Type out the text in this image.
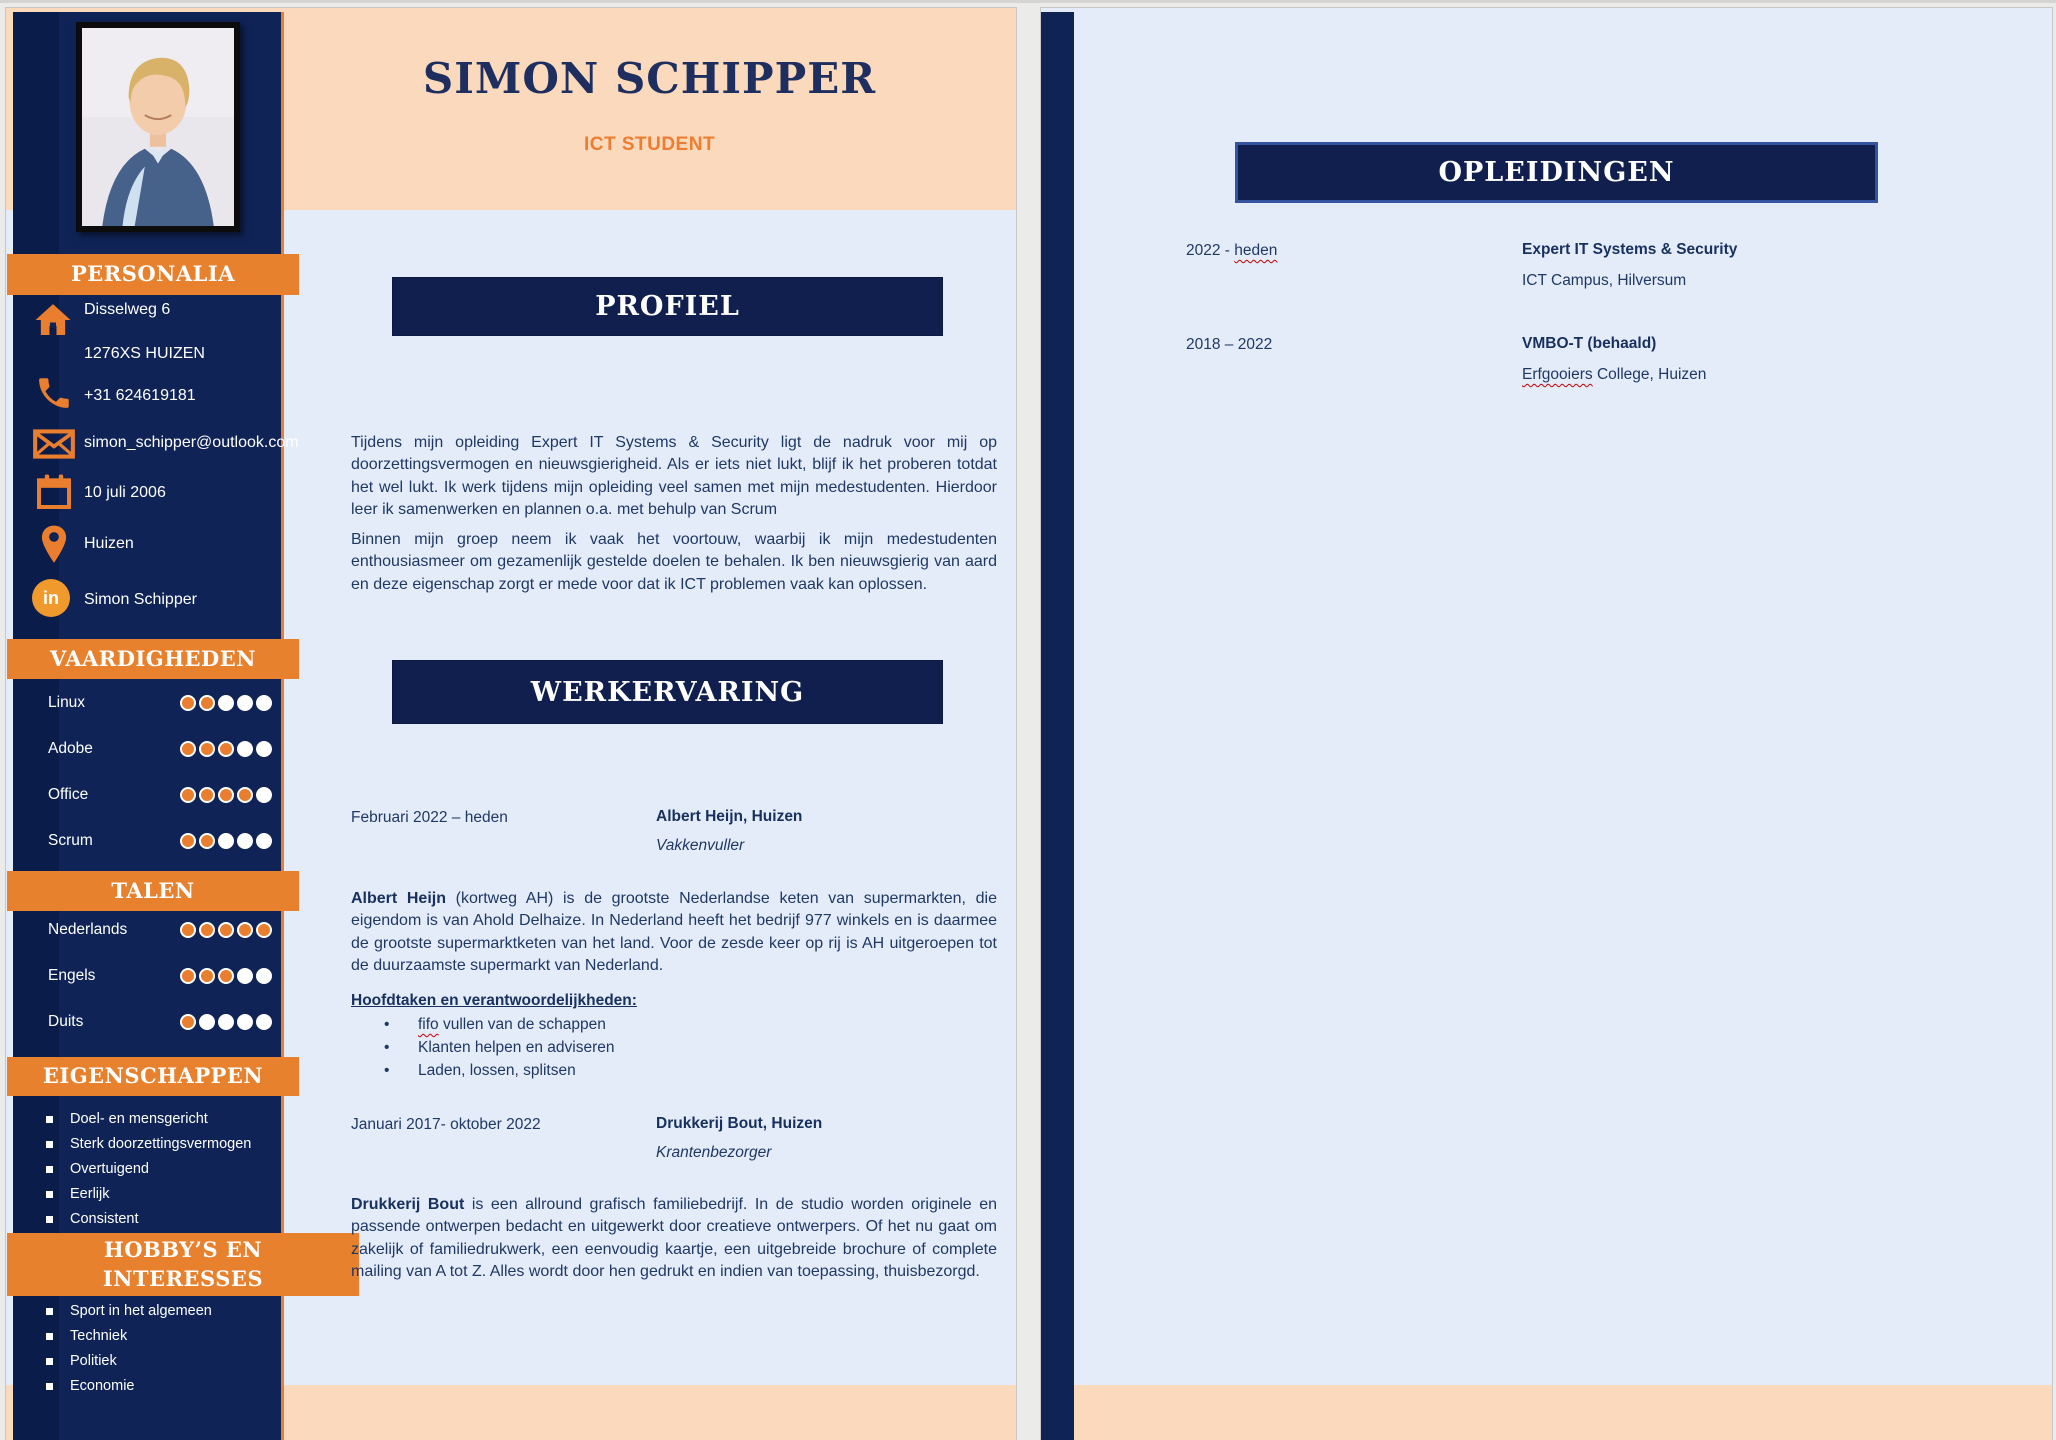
SIMON SCHIPPER
ICT STUDENT
Linux
Adobe
Office
Scrum
Nederlands
Engels
Duits
Doel- en mensgericht
Sterk doorzettingsvermogen
Overtuigend
Eerlijk
Consistent
Sport in het algemeen
Techniek
Politiek
Economie
Disselweg 6
1276XS HUIZEN
+31 624619181
simon_schipper@outlook.com
10 juli 2006
Huizen
in Simon Schipper
PERSONALIA
VAARDIGHEDEN
TALEN
EIGENSCHAPPEN
HOBBY’S EN INTERESSES
PROFIEL
Tijdens mijn opleiding Expert IT Systems & Security ligt de nadruk voor mij op doorzettingsvermogen en nieuwsgierigheid. Als er iets niet lukt, blijf ik het proberen totdat het wel lukt. Ik werk tijdens mijn opleiding veel samen met mijn medestudenten. Hierdoor leer ik samenwerken en plannen o.a. met behulp van Scrum
Binnen mijn groep neem ik vaak het voortouw, waarbij ik mijn medestudenten enthousiasmeer om gezamenlijk gestelde doelen te behalen. Ik ben nieuwsgierig van aard en deze eigenschap zorgt er mede voor dat ik ICT problemen vaak kan oplossen.
WERKERVARING
Februari 2022 – heden	Albert Heijn, Huizen
Vakkenvuller
Albert Heijn (kortweg AH) is de grootste Nederlandse keten van supermarkten, die eigendom is van Ahold Delhaize. In Nederland heeft het bedrijf 977 winkels en is daarmee de grootste supermarktketen van het land. Voor de zesde keer op rij is AH uitgeroepen tot de duurzaamste supermarkt van Nederland.
Hoofdtaken en verantwoordelijkheden:
• fifo vullen van de schappen
• Klanten helpen en adviseren
• Laden, lossen, splitsen
Januari 2017- oktober 2022	Drukkerij Bout, Huizen
Krantenbezorger
Drukkerij Bout is een allround grafisch familiebedrijf. In de studio worden originele en passende ontwerpen bedacht en uitgewerkt door creatieve ontwerpers. Of het nu gaat om zakelijk of familiedrukwerk, een eenvoudig kaartje, een uitgebreide brochure of complete mailing van A tot Z. Alles wordt door hen gedrukt en indien van toepassing, thuisbezorgd.
OPLEIDINGEN
2022 - heden	Expert IT Systems & Security
ICT Campus, Hilversum
2018 – 2022	VMBO-T (behaald)
Erfgooiers College, Huizen
